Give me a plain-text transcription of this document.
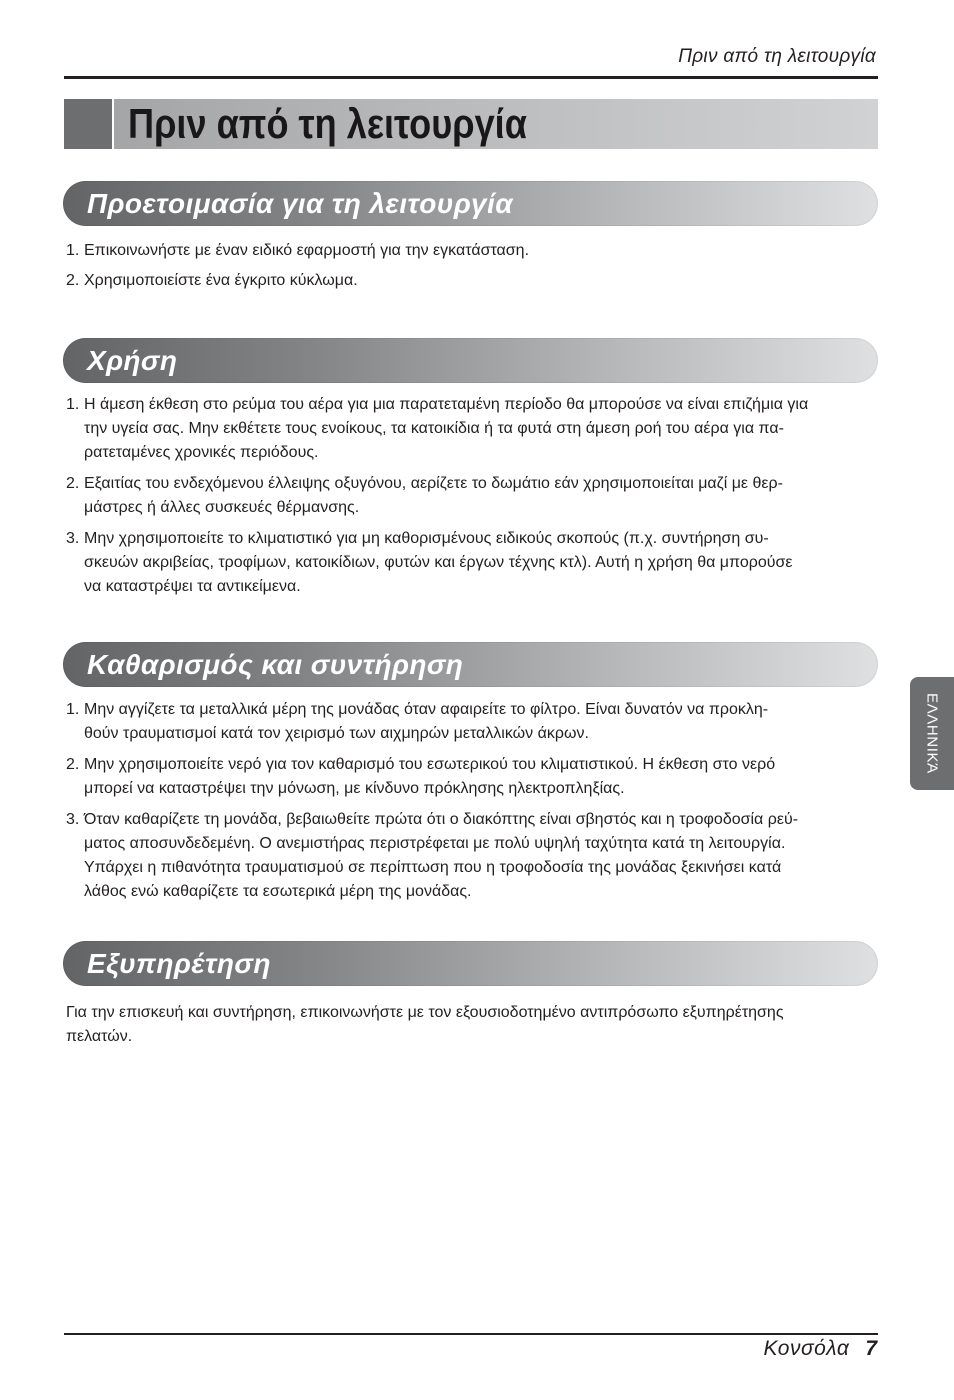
Πριν από τη λειτουργία
Πριν από τη λειτουργία
Προετοιμασία για τη λειτουργία
1. Επικοινωνήστε με έναν ειδικό εφαρμοστή για την εγκατάσταση.
2. Χρησιμοποιείστε ένα έγκριτο κύκλωμα.
Χρήση
1. Η άμεση έκθεση στο ρεύμα του αέρα για μια παρατεταμένη περίοδο θα μπορούσε να είναι επιζήμια για
την υγεία σας. Μην εκθέτετε τους ενοίκους, τα κατοικίδια ή τα φυτά στη άμεση ροή του αέρα για πα-
ρατεταμένες χρονικές περιόδους.
2. Εξαιτίας του ενδεχόμενου έλλειψης οξυγόνου, αερίζετε το δωμάτιο εάν χρησιμοποιείται μαζί με θερ-
μάστρες ή άλλες συσκευές θέρμανσης.
3. Μην χρησιμοποιείτε το κλιματιστικό για μη καθορισμένους ειδικούς σκοπούς (π.χ. συντήρηση συ-
σκευών ακριβείας, τροφίμων, κατοικίδιων, φυτών και έργων τέχνης κτλ). Αυτή η χρήση θα μπορούσε
να καταστρέψει τα αντικείμενα.
Καθαρισμός και συντήρηση
1. Μην αγγίζετε τα μεταλλικά μέρη της μονάδας όταν αφαιρείτε το φίλτρο. Είναι δυνατόν να προκλη-
θούν τραυματισμοί κατά τον χειρισμό των αιχμηρών μεταλλικών άκρων.
2. Μην χρησιμοποιείτε νερό για τον καθαρισμό του εσωτερικού του κλιματιστικού. Η έκθεση στο νερό
μπορεί να καταστρέψει την μόνωση, με κίνδυνο πρόκλησης ηλεκτροπληξίας.
3. Όταν καθαρίζετε τη μονάδα, βεβαιωθείτε πρώτα ότι ο διακόπτης είναι σβηστός και η τροφοδοσία ρεύ-
ματος αποσυνδεδεμένη. Ο ανεμιστήρας περιστρέφεται με πολύ υψηλή ταχύτητα κατά τη λειτουργία.
Υπάρχει η πιθανότητα τραυματισμού σε περίπτωση που η τροφοδοσία της μονάδας ξεκινήσει κατά
λάθος ενώ καθαρίζετε τα εσωτερικά μέρη της μονάδας.
Εξυπηρέτηση
Για την επισκευή και συντήρηση, επικοινωνήστε με τον εξουσιοδοτημένο αντιπρόσωπο εξυπηρέτησης
πελατών.
ΕΛΛΗΝΙΚΆ
Κονσόλα 7
